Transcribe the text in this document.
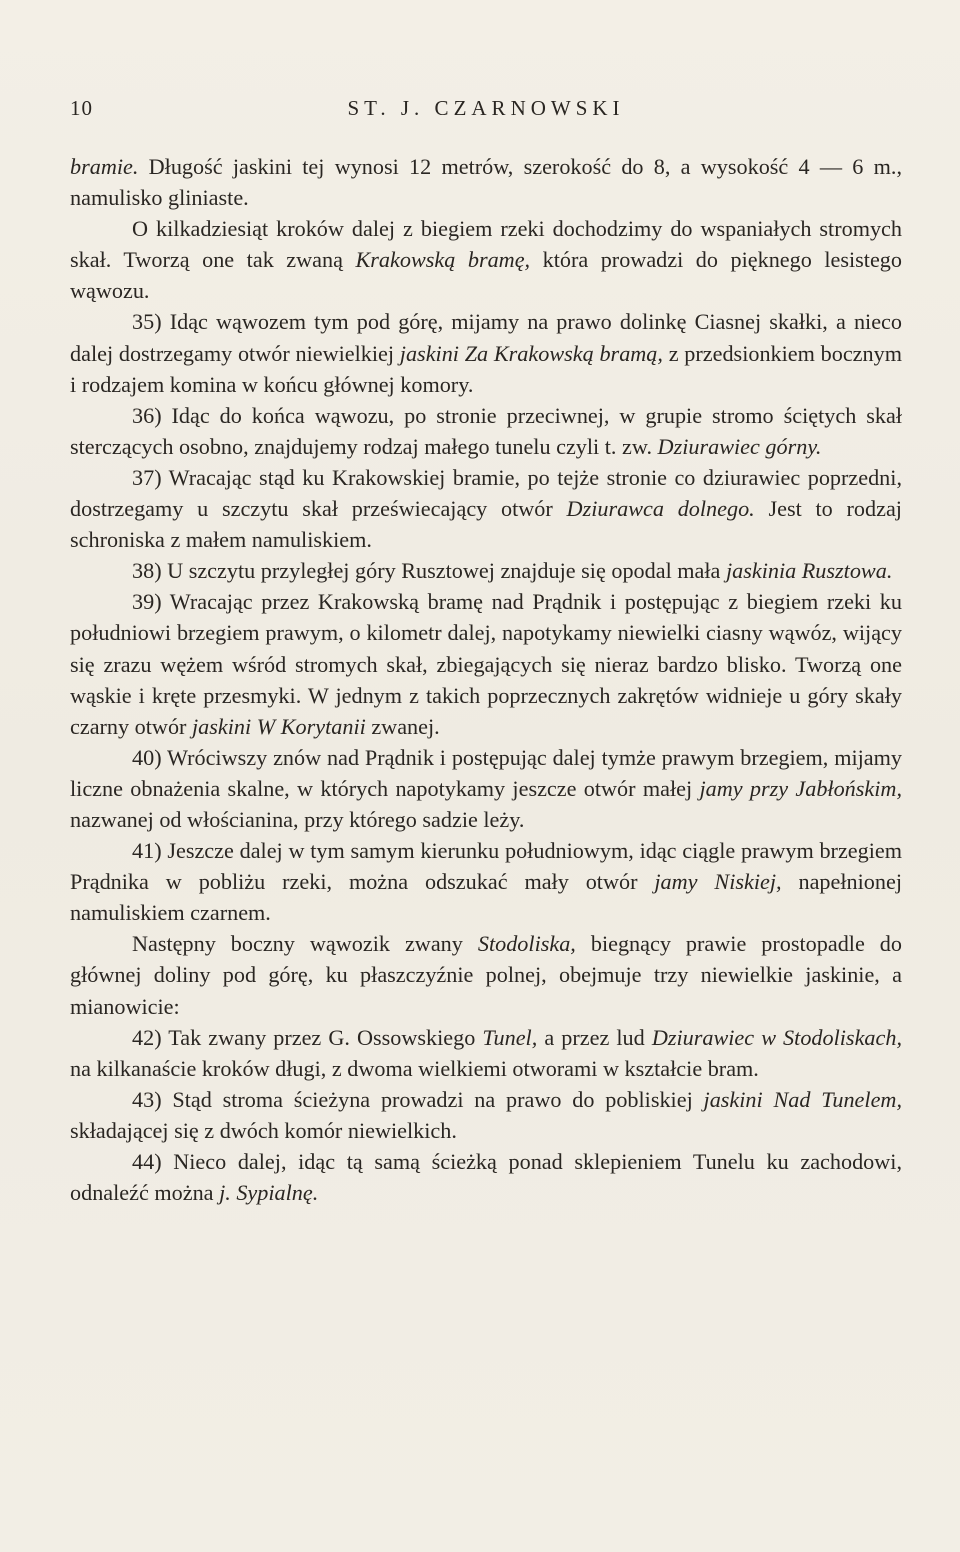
10	ST. J. CZARNOWSKI

bramie. Długość jaskini tej wynosi 12 metrów, szerokość do 8, a wysokość 4 — 6 m., namulisko gliniaste.

O kilkadziesiąt kroków dalej z biegiem rzeki dochodzimy do wspaniałych stromych skał. Tworzą one tak zwaną Krakowską bramę, która prowadzi do pięknego lesistego wąwozu.

35) Idąc wąwozem tym pod górę, mijamy na prawo dolinkę Ciasnej skałki, a nieco dalej dostrzegamy otwór niewielkiej jaskini Za Krakowską bramą, z przedsionkiem bocznym i rodzajem komina w końcu głównej komory.

36) Idąc do końca wąwozu, po stronie przeciwnej, w grupie stromo ściętych skał sterczących osobno, znajdujemy rodzaj małego tunelu czyli t. zw. Dziurawiec górny.

37) Wracając stąd ku Krakowskiej bramie, po tejże stronie co dziurawiec poprzedni, dostrzegamy u szczytu skał przeświecający otwór Dziurawca dolnego. Jest to rodzaj schroniska z małem namuliskiem.

38) U szczytu przyległej góry Rusztowej znajduje się opodal mała jaskinia Rusztowa.

39) Wracając przez Krakowską bramę nad Prądnik i postępując z biegiem rzeki ku południowi brzegiem prawym, o kilometr dalej, napotykamy niewielki ciasny wąwóz, wijący się zrazu wężem wśród stromych skał, zbiegających się nieraz bardzo blisko. Tworzą one wąskie i kręte przesmyki. W jednym z takich poprzecznych zakrętów widnieje u góry skały czarny otwór jaskini W Korytanii zwanej.

40) Wróciwszy znów nad Prądnik i postępując dalej tymże prawym brzegiem, mijamy liczne obnażenia skalne, w których napotykamy jeszcze otwór małej jamy przy Jabłońskim, nazwanej od włościanina, przy którego sadzie leży.

41) Jeszcze dalej w tym samym kierunku południowym, idąc ciągle prawym brzegiem Prądnika w pobliżu rzeki, można odszukać mały otwór jamy Niskiej, napełnionej namuliskiem czarnem.

Następny boczny wąwozik zwany Stodoliska, biegnący prawie prostopadle do głównej doliny pod górę, ku płaszczyźnie polnej, obejmuje trzy niewielkie jaskinie, a mianowicie:

42) Tak zwany przez G. Ossowskiego Tunel, a przez lud Dziurawiec w Stodoliskach, na kilkanaście kroków długi, z dwoma wielkiemi otworami w kształcie bram.

43) Stąd stroma ścieżyna prowadzi na prawo do pobliskiej jaskini Nad Tunelem, składającej się z dwóch komór niewielkich.

44) Nieco dalej, idąc tą samą ścieżką ponad sklepieniem Tunelu ku zachodowi, odnaleźć można j. Sypialnę.
